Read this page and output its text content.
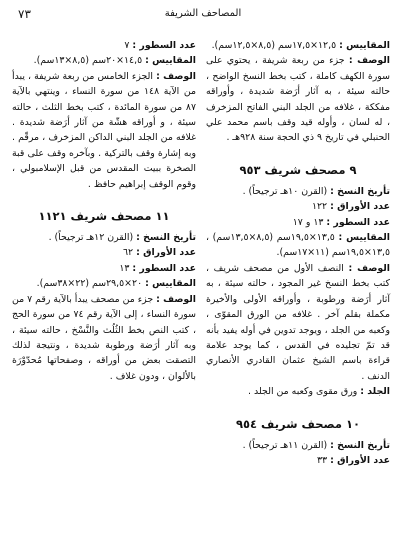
٧٣	المصاحف الشريفة

المقاييس : ١٢,٥×١٧,٥سم (٨,٥×١٢,٥سم).

الوصف : جزء من ربعة شريفة ، يحتوي على سورة الكهف كاملة ، كتب بخط النسخ الواضح ، حالته سيئة ، به آثار أرَضة شديدة ، وأوراقه مفككة ، غلافه من الجلد البني الفاتح المزخرف ، له لسان ، وأوله قيد وقف باسم محمد علي الحنبلي في تاريخ ٩ ذي الحجة سنة ٩٢٨هـ .

٩ مصحف شريف ٩٥٣

تأريخ النسخ : (القرن ١٠هـ ترجيحاً) .

عدد الأوراق : ١٢٢

عدد السطور : ١٣ و ١٧

المقاييس : ١٣,٥×١٩,٥سم (٨,٥×١٣,٥سم) ، ١٣,٥×١٩,٥سم (١١×١٧سم).

الوصف : النصف الأول من مصحف شريف ، كتب بخط النسخ غير المجود ، حالته سيئة ، به آثار أرَضة ورطوبة ، وأوراقه الأولى والأخيرة مكملة بقلم آخر . غلافه من الورق المقوّى ، وكعبه من الجلد ، ويوجد تدوين في أوله يفيد بأنه قد تمّ تجليده في القدس ، كما يوجد علامة قراءة باسم الشيخ عثمان القادري الأنصاري الدنف .

الجلد : ورق مقوى وكعبه من الجلد .

١٠ مصحف شريف ٩٥٤

تأريخ النسخ : (القرن ١١هـ ترجيحاً) .

عدد الأوراق : ٣٣

عدد السطور : ٧

المقاييس : ١٤,٥×٢٠سم (٨,٥×١٣سم).

الوصف : الجزء الخامس من ربعة شريفة ، يبدأ من الآية ١٤٨ من سورة النساء ، وينتهي بالآية ٨٧ من سورة المائدة ، كتب بخط الثلث ، حالته سيئة ، و أوراقه هشّة من آثار أرَضة شديدة . غلافه من الجلد البني الداكن المزخرف ، مرقّم . وبه إشارة وقف بالتركية . وبآخره وقف على قبة الصخرة ببيت المقدس من قبل الإسلامبولي ، وقوم الوقف إبراهيم حافظ .

١١ مصحف شريف ١١٢١

تأريخ النسخ : (القرن ١٢هـ ترجيحاً) .

عدد الأوراق : ٦٢

عدد السطور : ١٣

المقاييس : ٢٠×٢٩,٥سم (٢٢×٣٨سم).

الوصف : جزء من مصحف يبدأ بالآية رقم ٧ من سورة النساء ، إلى الآية رقم ٧٤ من سورة الحج ، كتب النص بخط الثُلُث والنَّسْخ ، حالته سيئة ، وبه آثار أرَضة ورطوبة شديدة ، ونتيجة لذلك التصقت بعض من أوراقه ، وصفحاتها مُحدّوْرَة بالألوان ، ودون غلاف .
